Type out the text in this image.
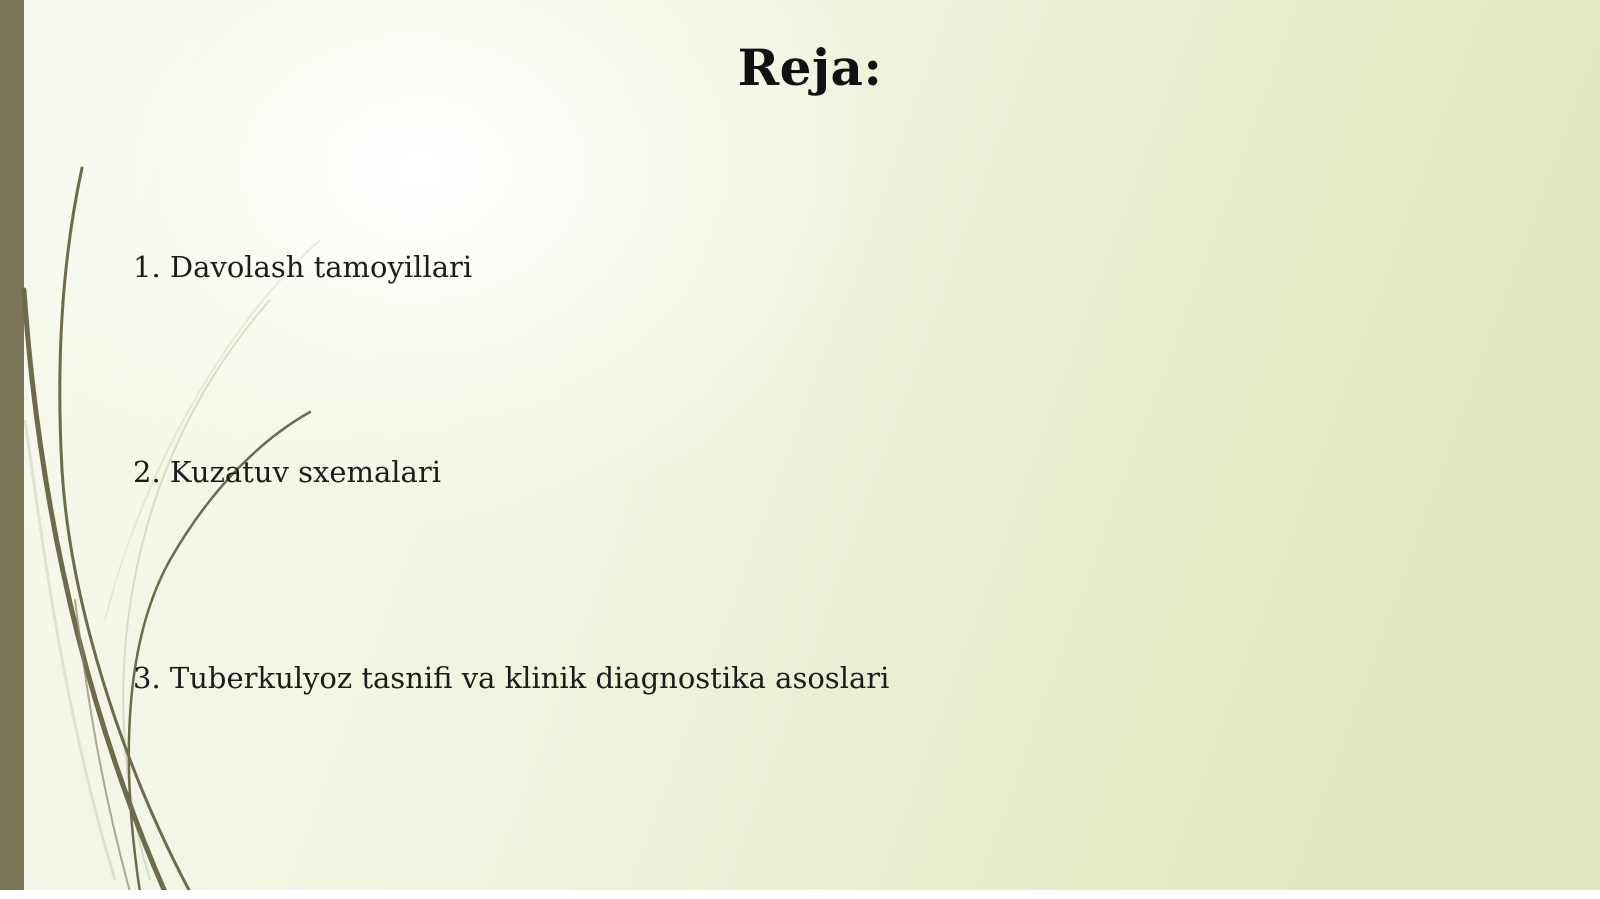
Reja:
1. Davolash tamoyillari
2. Kuzatuv sxemalari
3. Tuberkulyoz tasnifi va klinik diagnostika asoslari
